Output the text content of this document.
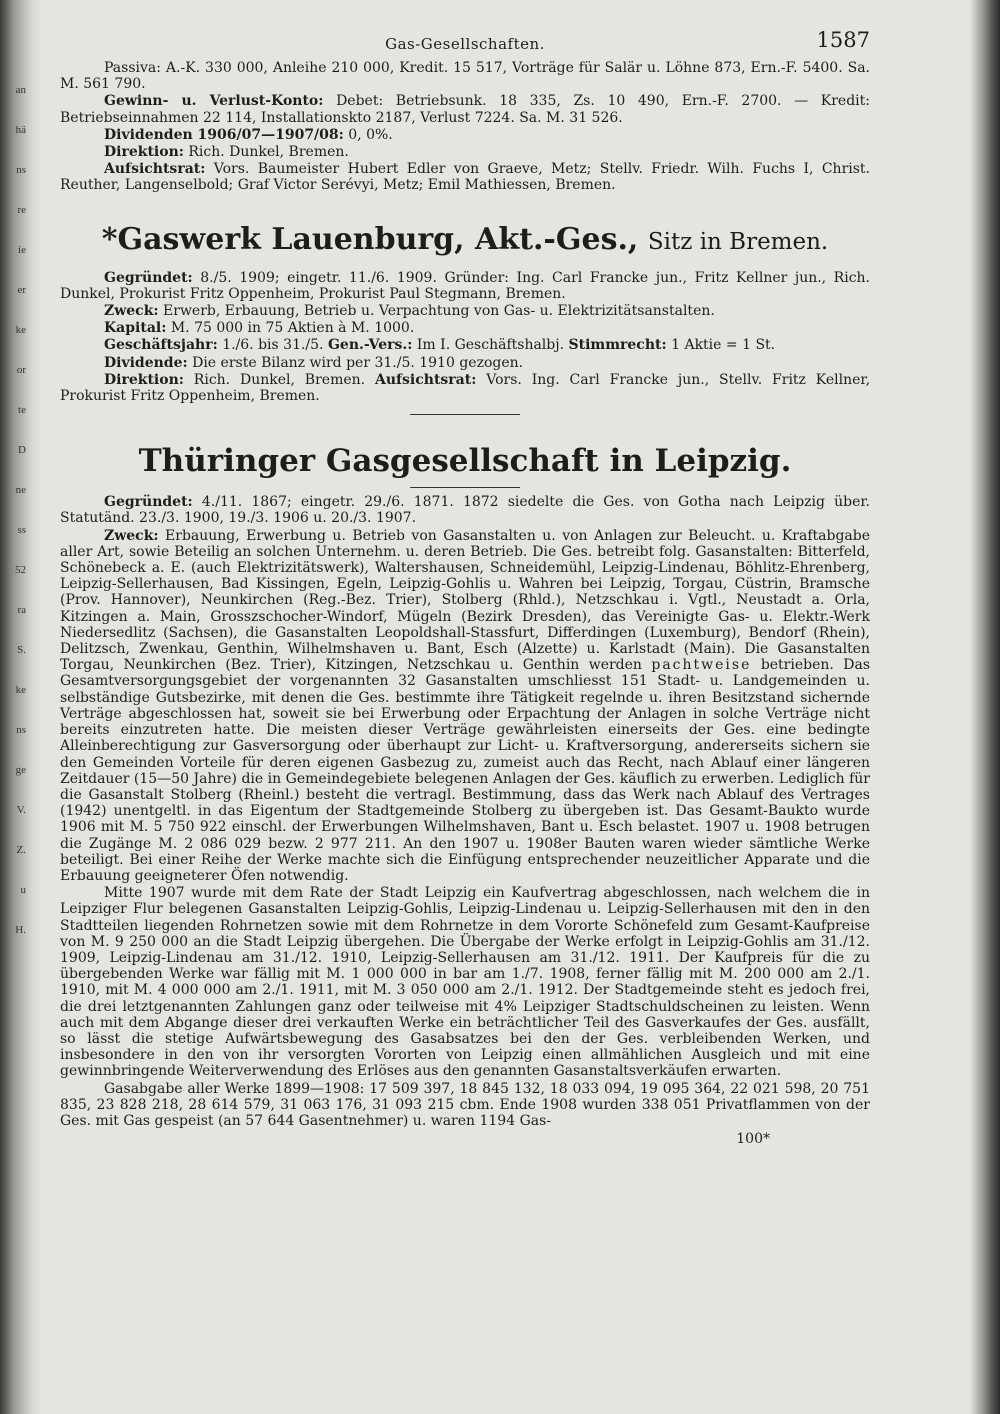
an
hä
ns
re
ie
er
ke
or
te
D
ne
ss
52
ra
S.
ke
ns
ge
V.
Z.
u
H.
Gas-Gesellschaften.	1587

Passiva: A.-K. 330 000, Anleihe 210 000, Kredit. 15 517, Vorträge für Salär u. Löhne 873, Ern.-F. 5400. Sa. M. 561 790.

Gewinn- u. Verlust-Konto: Debet: Betriebsunk. 18 335, Zs. 10 490, Ern.-F. 2700. — Kredit: Betriebseinnahmen 22 114, Installationskto 2187, Verlust 7224. Sa. M. 31 526.

Dividenden 1906/07—1907/08: 0, 0%.

Direktion: Rich. Dunkel, Bremen.

Aufsichtsrat: Vors. Baumeister Hubert Edler von Graeve, Metz; Stellv. Friedr. Wilh. Fuchs I, Christ. Reuther, Langenselbold; Graf Victor Serévyi, Metz; Emil Mathiessen, Bremen.

*Gaswerk Lauenburg, Akt.-Ges., Sitz in Bremen.

Gegründet: 8./5. 1909; eingetr. 11./6. 1909. Gründer: Ing. Carl Francke jun., Fritz Kellner jun., Rich. Dunkel, Prokurist Fritz Oppenheim, Prokurist Paul Stegmann, Bremen.

Zweck: Erwerb, Erbauung, Betrieb u. Verpachtung von Gas- u. Elektrizitätsanstalten.

Kapital: M. 75 000 in 75 Aktien à M. 1000.

Geschäftsjahr: 1./6. bis 31./5. Gen.-Vers.: Im I. Geschäftshalbj. Stimmrecht: 1 Aktie = 1 St.

Dividende: Die erste Bilanz wird per 31./5. 1910 gezogen.

Direktion: Rich. Dunkel, Bremen. Aufsichtsrat: Vors. Ing. Carl Francke jun., Stellv. Fritz Kellner, Prokurist Fritz Oppenheim, Bremen.

Thüringer Gasgesellschaft in Leipzig.

Gegründet: 4./11. 1867; eingetr. 29./6. 1871. 1872 siedelte die Ges. von Gotha nach Leipzig über. Statutänd. 23./3. 1900, 19./3. 1906 u. 20./3. 1907.

Zweck: Erbauung, Erwerbung u. Betrieb von Gasanstalten u. von Anlagen zur Beleucht. u. Kraftabgabe aller Art, sowie Beteilig an solchen Unternehm. u. deren Betrieb. Die Ges. betreibt folg. Gasanstalten: Bitterfeld, Schönebeck a. E. (auch Elektrizitätswerk), Waltershausen, Schneidemühl, Leipzig-Lindenau, Böhlitz-Ehrenberg, Leipzig-Sellerhausen, Bad Kissingen, Egeln, Leipzig-Gohlis u. Wahren bei Leipzig, Torgau, Cüstrin, Bramsche (Prov. Hannover), Neunkirchen (Reg.-Bez. Trier), Stolberg (Rhld.), Netzschkau i. Vgtl., Neustadt a. Orla, Kitzingen a. Main, Grosszschocher-Windorf, Mügeln (Bezirk Dresden), das Vereinigte Gas- u. Elektr.-Werk Niedersedlitz (Sachsen), die Gasanstalten Leopoldshall-Stassfurt, Differdingen (Luxemburg), Bendorf (Rhein), Delitzsch, Zwenkau, Genthin, Wilhelmshaven u. Bant, Esch (Alzette) u. Karlstadt (Main). Die Gasanstalten Torgau, Neunkirchen (Bez. Trier), Kitzingen, Netzschkau u. Genthin werden pachtweise betrieben. Das Gesamtversorgungsgebiet der vorgenannten 32 Gasanstalten umschliesst 151 Stadt- u. Landgemeinden u. selbständige Gutsbezirke, mit denen die Ges. bestimmte ihre Tätigkeit regelnde u. ihren Besitzstand sichernde Verträge abgeschlossen hat, soweit sie bei Erwerbung oder Erpachtung der Anlagen in solche Verträge nicht bereits einzutreten hatte. Die meisten dieser Verträge gewährleisten einerseits der Ges. eine bedingte Alleinberechtigung zur Gasversorgung oder überhaupt zur Licht- u. Kraftversorgung, andererseits sichern sie den Gemeinden Vorteile für deren eigenen Gasbezug zu, zumeist auch das Recht, nach Ablauf einer längeren Zeitdauer (15—50 Jahre) die in Gemeindegebiete belegenen Anlagen der Ges. käuflich zu erwerben. Lediglich für die Gasanstalt Stolberg (Rheinl.) besteht die vertragl. Bestimmung, dass das Werk nach Ablauf des Vertrages (1942) unentgeltl. in das Eigentum der Stadtgemeinde Stolberg zu übergeben ist. Das Gesamt-Baukto wurde 1906 mit M. 5 750 922 einschl. der Erwerbungen Wilhelmshaven, Bant u. Esch belastet. 1907 u. 1908 betrugen die Zugänge M. 2 086 029 bezw. 2 977 211. An den 1907 u. 1908er Bauten waren wieder sämtliche Werke beteiligt. Bei einer Reihe der Werke machte sich die Einfügung entsprechender neuzeitlicher Apparate und die Erbauung geeigneterer Öfen notwendig.

Mitte 1907 wurde mit dem Rate der Stadt Leipzig ein Kaufvertrag abgeschlossen, nach welchem die in Leipziger Flur belegenen Gasanstalten Leipzig-Gohlis, Leipzig-Lindenau u. Leipzig-Sellerhausen mit den in den Stadtteilen liegenden Rohrnetzen sowie mit dem Rohrnetze in dem Vororte Schönefeld zum Gesamt-Kaufpreise von M. 9 250 000 an die Stadt Leipzig übergehen. Die Übergabe der Werke erfolgt in Leipzig-Gohlis am 31./12. 1909, Leipzig-Lindenau am 31./12. 1910, Leipzig-Sellerhausen am 31./12. 1911. Der Kaufpreis für die zu übergebenden Werke war fällig mit M. 1 000 000 in bar am 1./7. 1908, ferner fällig mit M. 200 000 am 2./1. 1910, mit M. 4 000 000 am 2./1. 1911, mit M. 3 050 000 am 2./1. 1912. Der Stadtgemeinde steht es jedoch frei, die drei letztgenannten Zahlungen ganz oder teilweise mit 4% Leipziger Stadtschuldscheinen zu leisten. Wenn auch mit dem Abgange dieser drei verkauften Werke ein beträchtlicher Teil des Gasverkaufes der Ges. ausfällt, so lässt die stetige Aufwärtsbewegung des Gasabsatzes bei den der Ges. verbleibenden Werken, und insbesondere in den von ihr versorgten Vororten von Leipzig einen allmählichen Ausgleich und mit eine gewinnbringende Weiterverwendung des Erlöses aus den genannten Gasanstaltsverkäufen erwarten.

Gasabgabe aller Werke 1899—1908: 17 509 397, 18 845 132, 18 033 094, 19 095 364, 22 021 598, 20 751 835, 23 828 218, 28 614 579, 31 063 176, 31 093 215 cbm. Ende 1908 wurden 338 051 Privatflammen von der Ges. mit Gas gespeist (an 57 644 Gasentnehmer) u. waren 1194 Gas-

100*
